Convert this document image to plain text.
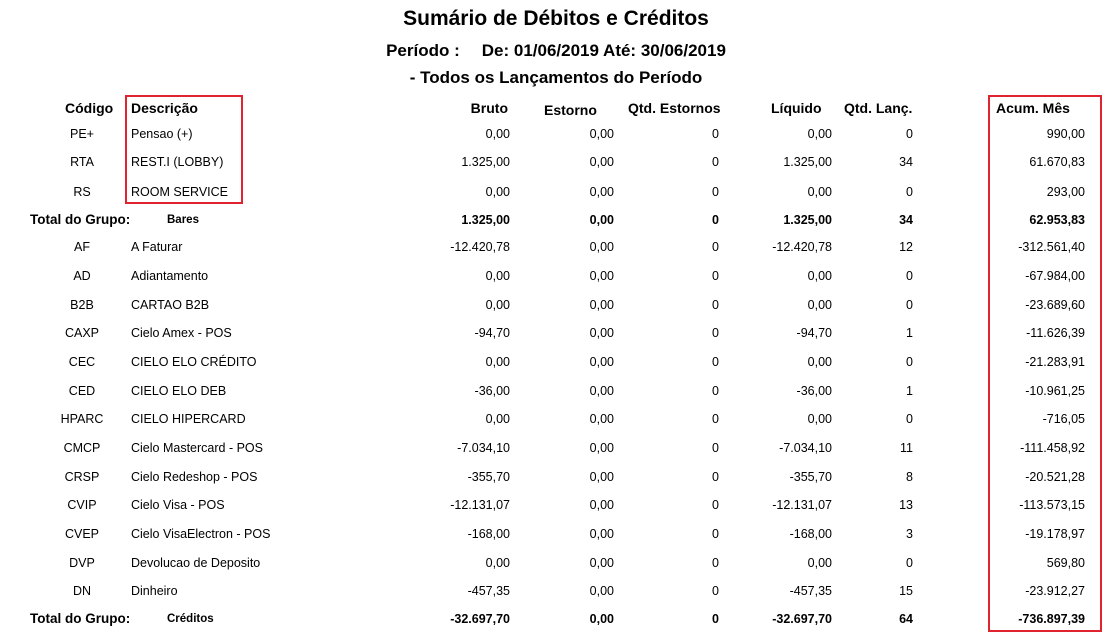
Sumário de Débitos e Créditos
Período : De: 01/06/2019 Até: 30/06/2019
- Todos os Lançamentos do Período
Código Descrição	Bruto	Estorno Qtd. Estornos	Líquido Qtd. Lanç.	Acum. Mês
PE+	Pensao (+)	0,00	0,00	0	0,00	0	990,00
RTA	REST.I (LOBBY)	1.325,00	0,00	0	1.325,00	34	61.670,83
RS	ROOM SERVICE	0,00	0,00	0	0,00	0	293,00
Total do Grupo:	Bares	1.325,00	0,00	0	1.325,00	34	62.953,83
AF	A Faturar	-12.420,78	0,00	0	-12.420,78	12	-312.561,40
AD	Adiantamento	0,00	0,00	0	0,00	0	-67.984,00
B2B	CARTAO B2B	0,00	0,00	0	0,00	0	-23.689,60
CAXP	Cielo Amex - POS	-94,70	0,00	0	-94,70	1	-11.626,39
CEC	CIELO ELO CRÉDITO	0,00	0,00	0	0,00	0	-21.283,91
CED	CIELO ELO DEB	-36,00	0,00	0	-36,00	1	-10.961,25
HPARC	CIELO HIPERCARD	0,00	0,00	0	0,00	0	-716,05
CMCP	Cielo Mastercard - POS	-7.034,10	0,00	0	-7.034,10	11	-111.458,92
CRSP	Cielo Redeshop - POS	-355,70	0,00	0	-355,70	8	-20.521,28
CVIP	Cielo Visa - POS	-12.131,07	0,00	0	-12.131,07	13	-113.573,15
CVEP	Cielo VisaElectron - POS	-168,00	0,00	0	-168,00	3	-19.178,97
DVP	Devolucao de Deposito	0,00	0,00	0	0,00	0	569,80
DN	Dinheiro	-457,35	0,00	0	-457,35	15	-23.912,27
Total do Grupo:	Créditos	-32.697,70	0,00	0	-32.697,70	64	-736.897,39
